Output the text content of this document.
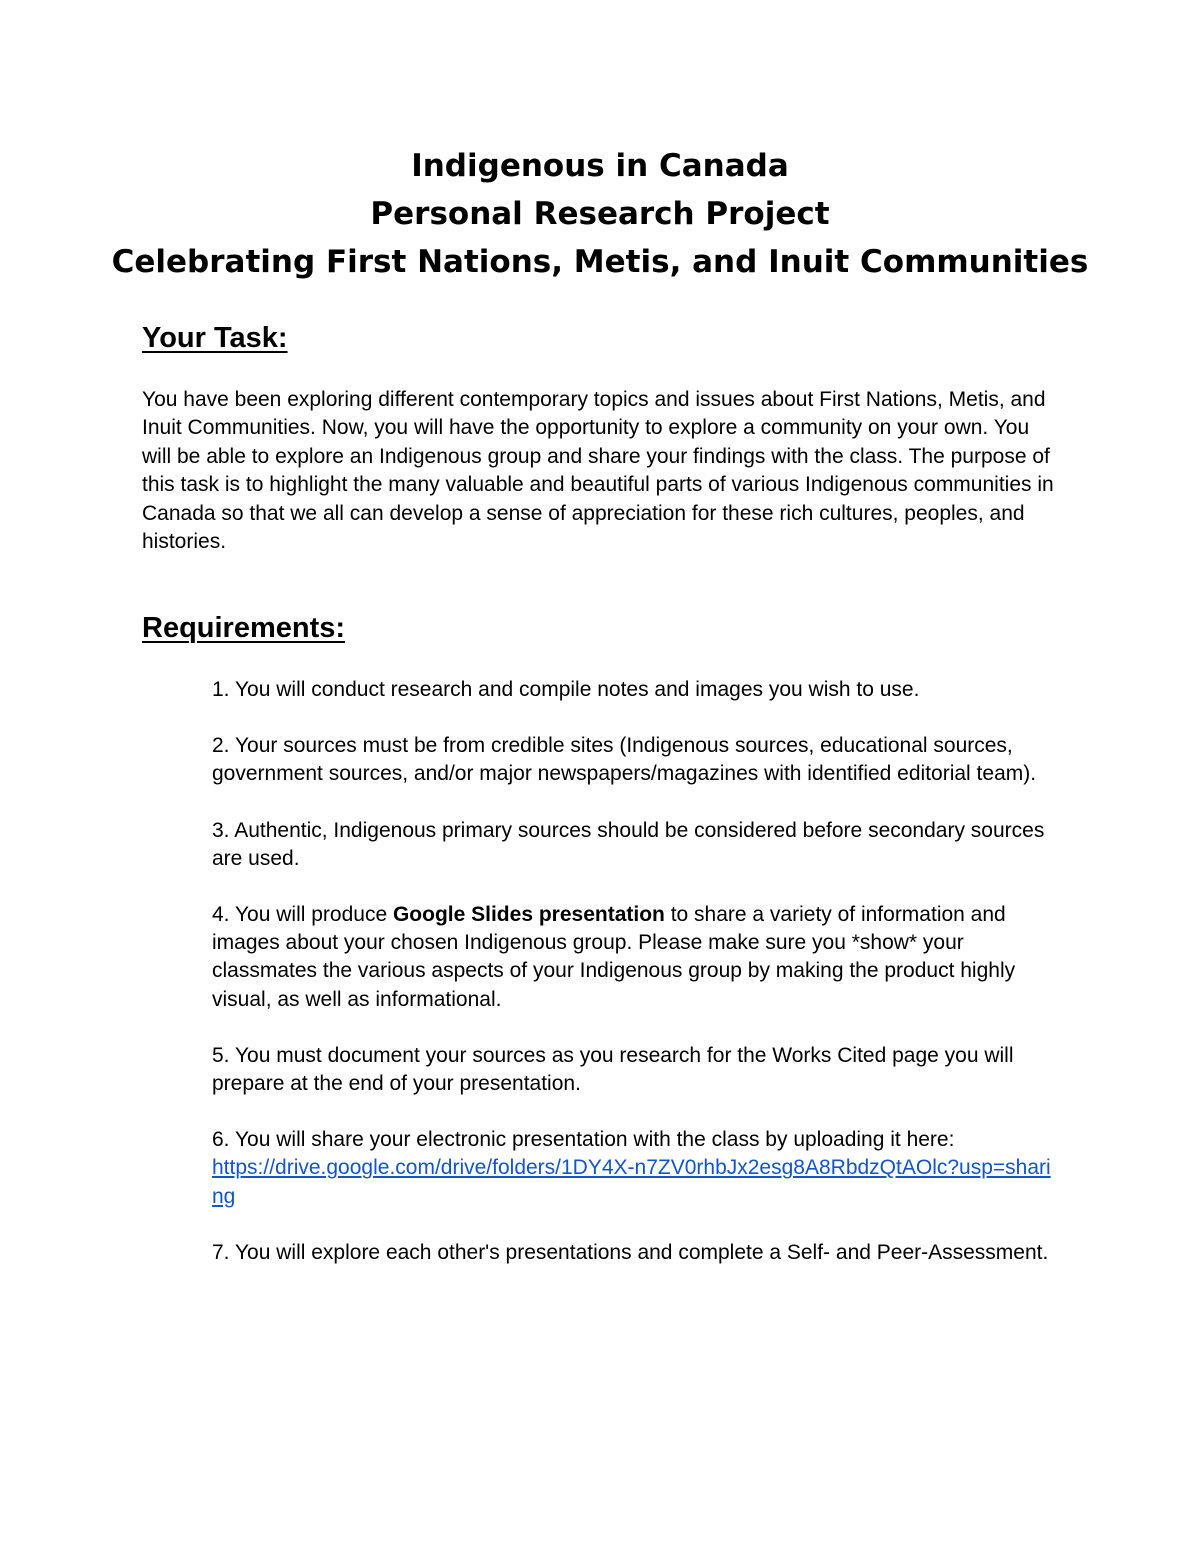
Indigenous in Canada
Personal Research Project
Celebrating First Nations, Metis, and Inuit Communities
Your Task:

You have been exploring different contemporary topics and issues about First Nations, Metis, and Inuit Communities. Now, you will have the opportunity to explore a community on your own. You will be able to explore an Indigenous group and share your findings with the class. The purpose of this task is to highlight the many valuable and beautiful parts of various Indigenous communities in Canada so that we all can develop a sense of appreciation for these rich cultures, peoples, and histories.

Requirements:
1. You will conduct research and compile notes and images you wish to use.
2. Your sources must be from credible sites (Indigenous sources, educational sources, government sources, and/or major newspapers/magazines with identified editorial team).
3. Authentic, Indigenous primary sources should be considered before secondary sources are used.
4. You will produce Google Slides presentation to share a variety of information and images about your chosen Indigenous group. Please make sure you *show* your classmates the various aspects of your Indigenous group by making the product highly visual, as well as informational.
5. You must document your sources as you research for the Works Cited page you will prepare at the end of your presentation.
6. You will share your electronic presentation with the class by uploading it here:
https://drive.google.com/drive/folders/1DY4X-n7ZV0rhbJx2esg8A8RbdzQtAOlc?usp=sharing
7. You will explore each other's presentations and complete a Self- and Peer-Assessment.
